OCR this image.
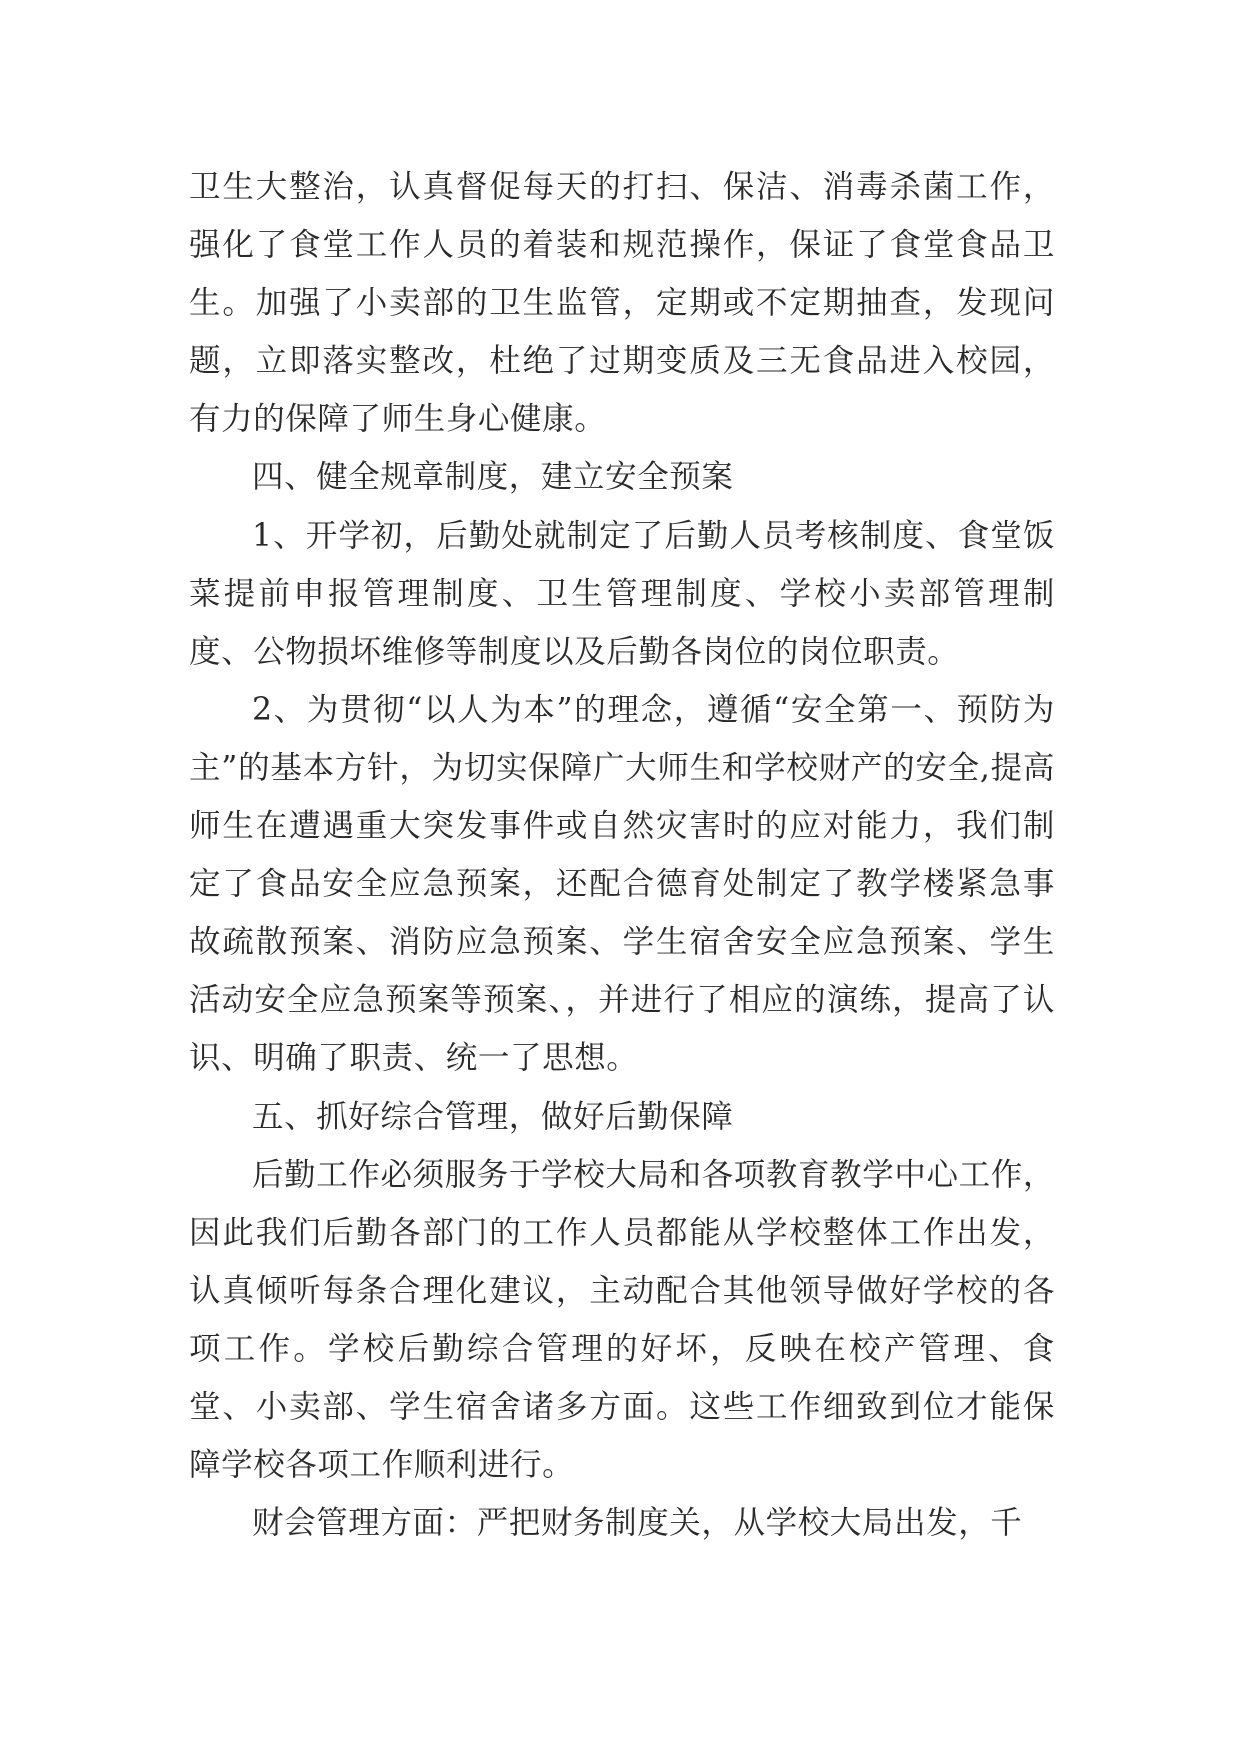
卫生大整治，认真督促每天的打扫、保洁、消毒杀菌工作，强化了食堂工作人员的着装和规范操作，保证了食堂食品卫生。加强了小卖部的卫生监管，定期或不定期抽查，发现问题，立即落实整改，杜绝了过期变质及三无食品进入校园，有力的保障了师生身心健康。

四、健全规章制度，建立安全预案

1、开学初，后勤处就制定了后勤人员考核制度、食堂饭菜提前申报管理制度、卫生管理制度、学校小卖部管理制度、公物损坏维修等制度以及后勤各岗位的岗位职责。

2、为贯彻“以人为本”的理念，遵循“安全第一、预防为主”的基本方针，为切实保障广大师生和学校财产的安全,提高师生在遭遇重大突发事件或自然灾害时的应对能力，我们制定了食品安全应急预案，还配合德育处制定了教学楼紧急事故疏散预案、消防应急预案、学生宿舍安全应急预案、学生活动安全应急预案等预案、，并进行了相应的演练，提高了认识、明确了职责、统一了思想。

五、抓好综合管理，做好后勤保障

后勤工作必须服务于学校大局和各项教育教学中心工作，因此我们后勤各部门的工作人员都能从学校整体工作出发，认真倾听每条合理化建议，主动配合其他领导做好学校的各项工作。学校后勤综合管理的好坏，反映在校产管理、食堂、小卖部、学生宿舍诸多方面。这些工作细致到位才能保障学校各项工作顺利进行。

财会管理方面：严把财务制度关，从学校大局出发，千
